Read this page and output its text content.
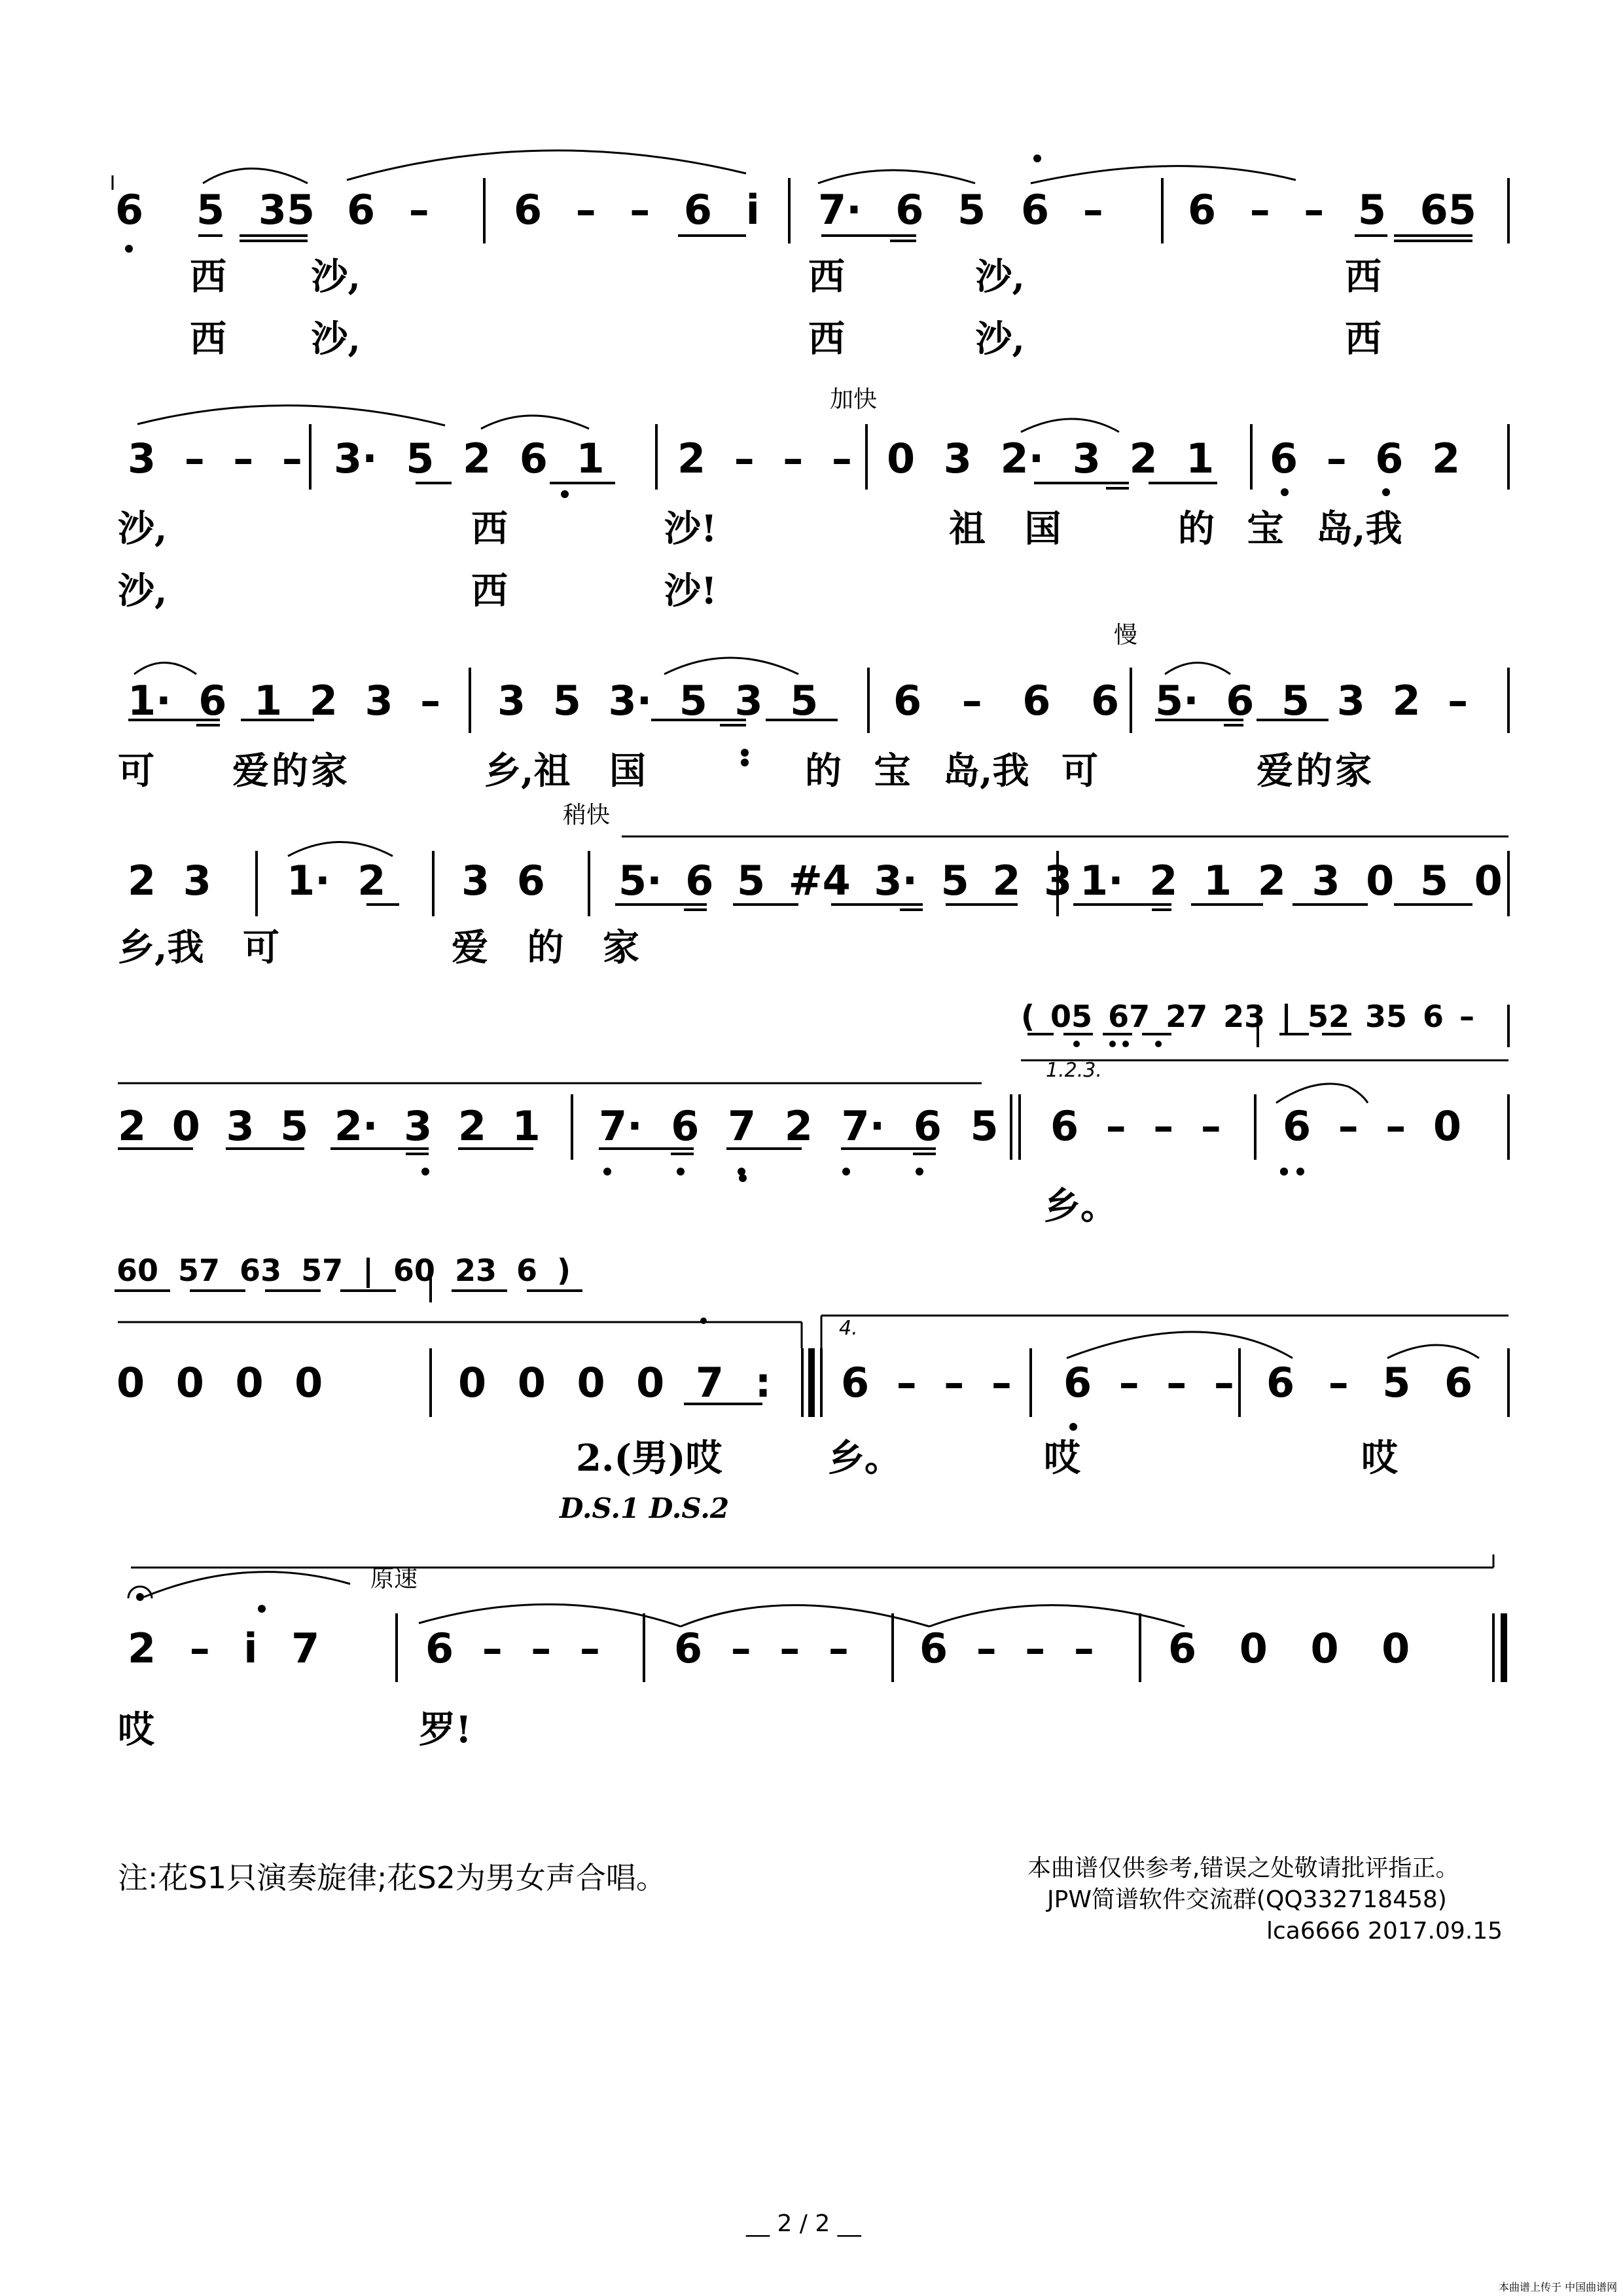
加快
慢
稍快
原速
6 5 35 6 – 6 – – 6 i 7· 6 5 6 – 6 – – 5 65
西 沙,	西 沙,	西
西 沙,	西 沙,	西
3 – – – 3· 5 2 6 1 2 – – – 0 3 2· 3 2 1 6 – 6 2
沙,	西	沙!	祖 国	的 宝 岛,我
沙,	西	沙!
1· 6 1 2 3 – 3 5 3· 5 3 5 6 – 6 6 5· 6 5 3 2 –
可 爱的家	乡,祖 国	的 宝 岛,我 可	爱的家
2 3 1· 2 3 6 5· 6 5 #4 3· 5 2 3 1· 2 1 2 3 0 5 0
乡,我 可	爱 的 家
( 05 67 27 23 | 52 35 6 –
1.2.3.
2 0 3 5 2· 3 2 1 7· 6 7 2 7· 6 5 6 – – – 6 – – 0
乡。
60 57 63 57 | 60 23 6 )
4.
0 0 0 0	0 0 0 0 7 : 6 – – – 6 – – – 6 – 5 6
2.(男)哎	乡。	哎	哎
D.S.1 D.S.2
2 – i 7	6 – – – 6 – – – 6 – – – 6 0 0 0
哎	罗!
注:花S1只演奏旋律;花S2为男女声合唱。	本曲谱仅供参考,错误之处敬请批评指正。
JPW简谱软件交流群(QQ332718458)
lca6666 2017.09.15
__ 2 / 2 __
本曲谱上传于 中国曲谱网
